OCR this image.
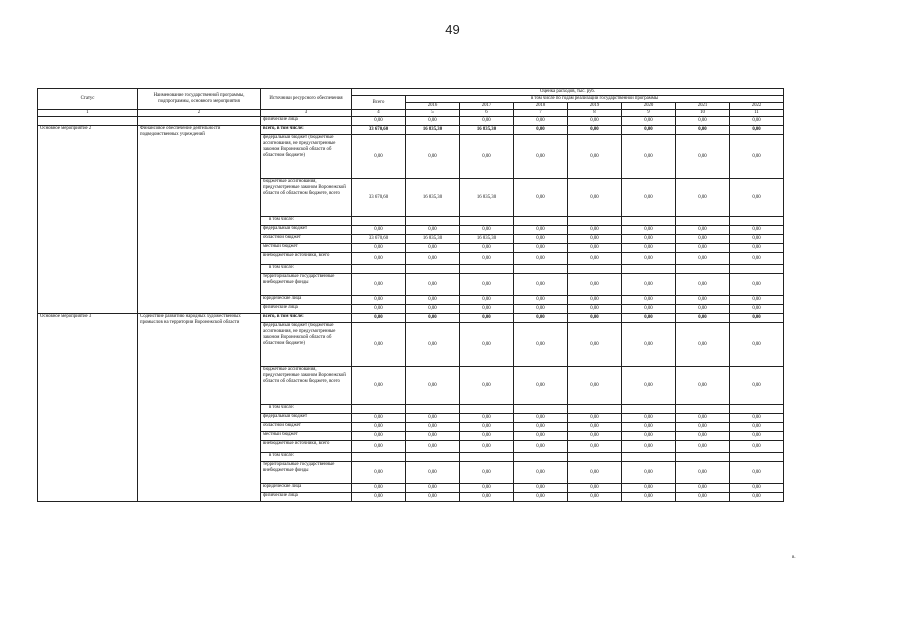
49
Статус	Наименование государственной программы, подпрограммы, основного мероприятия	Источники ресурсного обеспечения	Оценка расходов, тыс. руб.							
			Всего	в том числе по годам реализации государственной программы						
				2016	2017	2018	2019	2020	2021	2022
1	2	3	4	5	6	7	8	9	10	11
		физические лица	0,00	0,00	0,00	0,00	0,00	0,00	0,00	0,00
Основное мероприятие 2	Финансовое обеспечение деятельности подведомственных учреждений	всего, в том числе:	33 670,60	16 835,30	16 835,30	0,00	0,00	0,00	0,00	0,00
		федеральный бюджет (бюджетные ассигнования, не предусмотренные законом Воронежской области об областном бюджете)	0,00	0,00	0,00	0,00	0,00	0,00	0,00	0,00
		бюджетные ассигнования, предусмотренные законом Воронежской области об областном бюджете, всего	33 670,60	16 835,30	16 835,30	0,00	0,00	0,00	0,00	0,00
		в том числе:								
		федеральный бюджет	0,00	0,00	0,00	0,00	0,00	0,00	0,00	0,00
		областной бюджет	33 670,60	16 835,30	16 835,30	0,00	0,00	0,00	0,00	0,00
		местный бюджет	0,00	0,00	0,00	0,00	0,00	0,00	0,00	0,00
		внебюджетные источники, всего	0,00	0,00	0,00	0,00	0,00	0,00	0,00	0,00
		в том числе:								
		территориальные государственные внебюджетные фонды	0,00	0,00	0,00	0,00	0,00	0,00	0,00	0,00
		юридические лица	0,00	0,00	0,00	0,00	0,00	0,00	0,00	0,00
		физические лица	0,00	0,00	0,00	0,00	0,00	0,00	0,00	0,00
Основное мероприятие 3	Содействие развитию народных художественных промыслов на территории Воронежской области	всего, в том числе:	0,00	0,00	0,00	0,00	0,00	0,00	0,00	0,00
		федеральный бюджет (бюджетные ассигнования, не предусмотренные законом Воронежской области об областном бюджете)	0,00	0,00	0,00	0,00	0,00	0,00	0,00	0,00
		бюджетные ассигнования, предусмотренные законом Воронежской области об областном бюджете, всего	0,00	0,00	0,00	0,00	0,00	0,00	0,00	0,00
		в том числе:								
		федеральный бюджет	0,00	0,00	0,00	0,00	0,00	0,00	0,00	0,00
		областной бюджет	0,00	0,00	0,00	0,00	0,00	0,00	0,00	0,00
		местный бюджет	0,00	0,00	0,00	0,00	0,00	0,00	0,00	0,00
		внебюджетные источники, всего	0,00	0,00	0,00	0,00	0,00	0,00	0,00	0,00
		в том числе:								
		территориальные государственные внебюджетные фонды	0,00	0,00	0,00	0,00	0,00	0,00	0,00	0,00
		юридические лица	0,00	0,00	0,00	0,00	0,00	0,00	0,00	0,00
		физические лица	0,00	0,00	0,00	0,00	0,00	0,00	0,00	0,00
в.
